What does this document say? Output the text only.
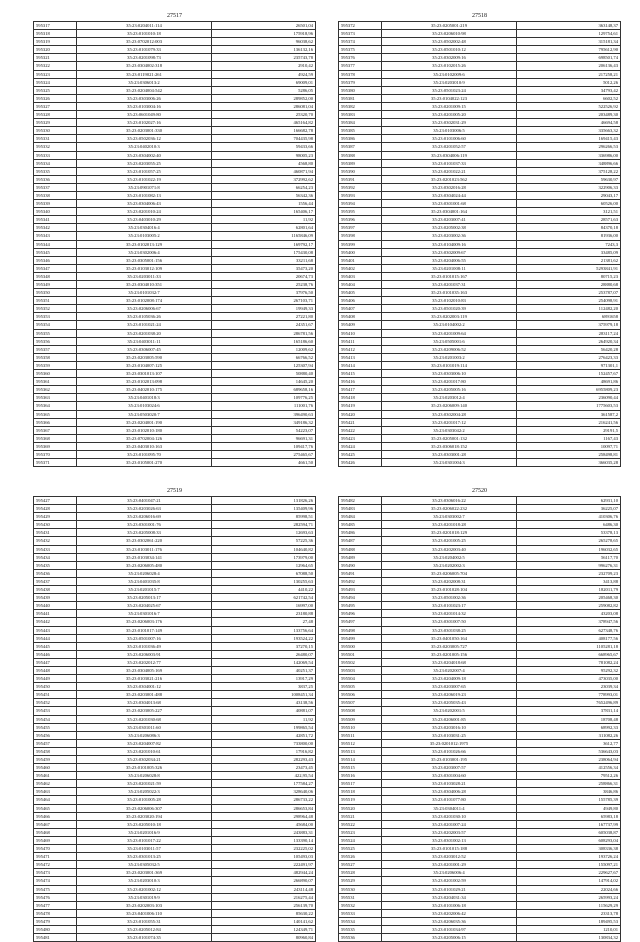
27517
595317	35:23:0204011:114	26501,04
595318	35:23:0101010:18	175918,96
595319	35:23:0702012:003	96038,62
595320	35:23:0101079:33	136132,16
595321	35:23:0201098:73	235743,78
595322	35:23:0304002:318	2910,42
595323	35:23:0119021:261	4924,59
595324	35:23:0306013:2	69009,01
595325	35:23:0204004:542	5286,05
595326	35:23:0303006:26	289852,00
595327	35:23:0103004:16	286081,04
595328	35:23:0601049:80	25320,70
595329	35:23:0102027:16	465164,82
595330	35:23:0203001:330	166682,78
595331	35:23:0502036:12	704435,98
595332	35:23:0402010:3	59433,66
595333	35:23:0304002:40	98005,23
595334	35:23:0203055:25	4568,80
595335	35:23:0101057:25	460871,94
595336	35:23:0101022:19	372992,62
595337	35:23:0901071:8	66254,23
595338	35:23:0101082:13	56342,36
595339	35:23:0304006:43	1556,44
595340	35:23:0201010:24	165406,17
595341	35:23:0403010:29	11,92
595342	35:23:0304016:4	62801,64
595343	35:23:0103005:2	1165846,09
595344	35:23:0102013:129	169792,17
595345	35:23:0302006:4	175430,08
595346	35:23:0305001:156	33211,68
595347	35:23:0103012:109	35473,20
595348	35:23:0203011:33	20674,73
595349	35:23:0304010:351	25238,76
595350	35:23:0101032:7	37976,50
595351	35:23:0102008:174	267103,71
595352	35:23:0206006:67	19949,33
595353	35:23:0105036:26	27221,80
595354	35:23:0101021:24	24351,67
595355	35:23:0201038:20	286781,56
595356	35:23:0403011:11	165186,60
595357	35:23:0306007:45	12009,62
595358	35:23:0203005:590	66766,52
595359	35:23:0104007:125	125307,94
595360	35:23:0301013:107	50880,40
595361	35:23:0102013:098	14645,20
595362	35:23:0402010:175	689658,16
595363	35:23:0401018:3	109776,25
595364	35:23:0103024:6	111001,76
595365	35:23:0503020:7	396490,63
595366	35:23:0204001:190	349186,32
595367	35:23:0102010:180	54223,07
595368	35:23:0702004:126	96691,31
595369	35:23:0403010:163	109417,76
595370	35:23:0101095:70	275465,67
595371	35:23:0105001:270	4661,50
27518
595372	35:23:0205001:219	363148,37
595373	35:23:0206010:98	129754,61
595374	35:23:0502002:48	315181,34
595375	35:23:0501010:12	795612,90
595376	35:23:0302009:16	698501,74
595377	35:23:0102015:26	206136,43
595378	35:23:0102009:6	217258,21
595379	35:23:0203010:9	5012,26
595380	35:23:0501023:24	34793,42
595381	35:23:0104022:123	6602,52
595382	35:23:0201009:15	522526,92
595383	35:23:0201005:20	203489,30
595384	35:23:0302031:29	46694,58
595385	35:23:0103006:5	335663,32
595386	35:23:0101006:60	169415,43
595387	35:23:0201052:57	296266,53
595388	35:23:0304006:119	336986,00
595389	35:23:0101037:33	348896,66
595390	35:23:0201022:21	375128,22
595391	35:23:0201023:562	59630,97
595392	35:23:0302016:28	322906,33
595393	35:23:0304024:44	29043,17
595394	35:23:0301001:68	60526,00
595395	35:23:0304001:164	3121,51
595396	35:23:0203007:41	28571,63
595397	35:23:0205002:38	84370,18
595398	35:23:0203002:36	81936,00
595399	35:23:0104009:16	7243,3
595400	35:23:0302009:67	33485,09
595401	35:23:0204006:55	21381,62
595402	35:23:0201008:11	5293841,91
595403	35:23:0101015:167	80715,23
595404	35:23:0201037:31	28880,68
595405	35:23:0101035:163	253787,07
595406	35:23:0102010:83	254098,91
595407	35:23:0501020:39	112482,20
595408	35:23:0202003:119	6891658
595409	35:23:0104002:2	375979,18
595410	35:23:0201009:64	283117,24
595411	35:23:0505001:6	264920,34
595412	35:23:0209006:52	56420,28
595413	35:23:0201003:2	276423,33
595414	35:23:0101019:114	971301,1
595415	35:23:0303006:10	152457,67
595416	35:23:0201017:80	48691,86
595417	35:23:0205005:16	6955809,23
595418	35:23:0203012:4	236090,44
595419	35:23:0206009:140	1775603,53
595420	35:23:0302004:28	361587,2
595421	35:23:0201017:12	216241,56
595422	35:23:0303042:2	29191,5
595423	35:23:0205001:132	1167,43
595424	35:23:0306018:152	10097,71
595425	35:23:0303001:28	258498,81
595426	35:23:0301004:3	366035,28
27519
595427	35:23:0401047:21	131826,26
595428	35:23:0203026:63	135409,96
595429	35:23:0206016:69	85998,51
595430	35:23:0301001:76	282594,71
595431	35:23:0205008:33	12693,63
595432	35:23:0302061:220	57225,36
595433	35:23:0103011:176	104640,82
595434	35:23:0103034:141	173979,00
595435	35:23:0206005:480	12964,65
595436	35:23:0206028:4	67088,50
595437	35:23:0401035:8	130255,63
595438	35:23:0201015:7	4410,22
595439	35:23:0205013:17	621742,54
595440	35:23:0204025:67	16997,00
595441	35:23:0301016:7	23180,88
595442	35:23:0206003:176	27,48
595443	35:23:0101017:149	133756,64
595444	35:23:0501007:16	193524,22
595445	35:23:0101036:49	37270,15
595446	35:23:0206003:91	26480,07
595447	35:23:0202012:77	142069,54
595448	35:23:0304005:169	40251,37
595449	35:23:0103021:216	13917,29
595450	35:23:0304001:12	3837,25
595451	35:23:0203001:488	1008451,34
595452	35:23:0304013:68	43138,56
595453	35:23:0203005:227	40881,07
595454	35:23:0201030:68	11,92
595455	35:23:0301011:60	199865,54
595456	35:23:0206086:3	42851,72
595457	35:23:0204007:82	733800,00
595458	35:23:0201010:61	17916,82
595459	35:23:0302034:21	282293,43
595460	35:23:0101005:326	23473,45
595461	35:23:0206028:8	422,95,54
595462	35:23:0201021:59	177584,27
595463	35:23:0205022:3	328640,06
595464	35:23:0101005:28	286733,22
595465	35:23:0206006:307	286653,84
595466	35:23:0203020:194	298964,48
595467	35:23:0205010:18	45684,00
595468	35:23:0201016:9	243883,31
595469	35:23:0101017:22	133390,14
595470	35:23:0103011:57	232225,02
595471	35:23:0301013:25	105493,03
595472	35:23:0305032:5	222491,97
595473	35:23:0203001:369	482944,24
595474	35:23:0203010:3	266890,07
595475	35:23:0201002:12	243114,48
595476	35:23:0301019:9	216275,44
595477	35:23:0202003:103	256139,70
595478	35:23:0401006:110	85630,22
595479	35:23:0101055:31	140141,62
595480	35:23:0205012:84	124349,71
595481	35:23:0101074:35	80960,84
27520
595482	35:23:0306016:22	62931,10
595483	35:23:0206022:232	36225,07
595484	35:23:0303002:7	410306,76
595485	35:23:0201018:28	6486,30
595486	35:23:0201018:129	53378,13
595487	35:23:0201005:25	265278,65
595488	35:23:0202003:40	196032,65
595489	35:23:0204002:5	56117,70
595490	35:23:0202002:3	996276,31
595491	35:23:0206005:704	232709,23
595492	35:23:0202008:31	3413,88
595493	35:23:0101028:104	182011,79
595494	35:23:0501002:36	205468,30
595495	35:23:0101023:17	259082,82
595496	35:23:0201014:32	43203,08
595497	35:23:0301007:50	378947,56
595498	35:23:0301038:25	627348,76
595499	35:23:0401050:164	408177,56
595500	35:23:0203005:727	1105281,18
595501	35:23:0201005:156	668965,67
595502	35:23:0204018:68	781082,24
595503	35:23:0202007:4	95292,32
595504	35:23:0204009:18	473035,00
595505	35:23:0203007:65	23039,34
595506	35:23:0206019:23	778993,01
595507	35:23:0205035:43	7652496,89
595508	35:23:0202001:5	37831,14
595509	35:23:0206001:85	18708,48
595510	35:23:0203016:10	68992,33
595511	35:23:0103031:25	311082,26
595512	35:23:0201012:1975	3612,77
595513	35:23:0101026:66	536643,03
595514	35:23:0103001:195	238064,94
595515	35:23:0203007:57	412556,34
595516	35:23:0301004:60	79512,26
595517	35:23:0103028:21	258866,31
595518	35:23:0304006:28	3846,86
595519	35:23:0101077:80	155785,39
595520	35:23:0304011:4	4949,80
595521	35:23:0201030:10	65983,18
595522	35:23:0201007:24	167737,99
595523	35:23:0202003:57	605038,87
595524	35:23:0301002:13	608293,04
595525	35:23:0101015:188	308336,38
595526	35:23:0203012:52	193726,24
595527	35:23:0201001:29	155097,21
595528	35:23:0206006:4	229627,67
595529	35:23:0201002:59	147914,02
595530	35:23:0101029:21	22024,66
595531	35:23:0204031:34	265993,24
595532	35:23:0101006:18	115629,29
595533	35:23:0202006:42	23313,78
595534	35:23:0206035:36	189495,53
595535	35:23:0101034:97	1210,01
595536	35:23:0205006:15	130834,32
